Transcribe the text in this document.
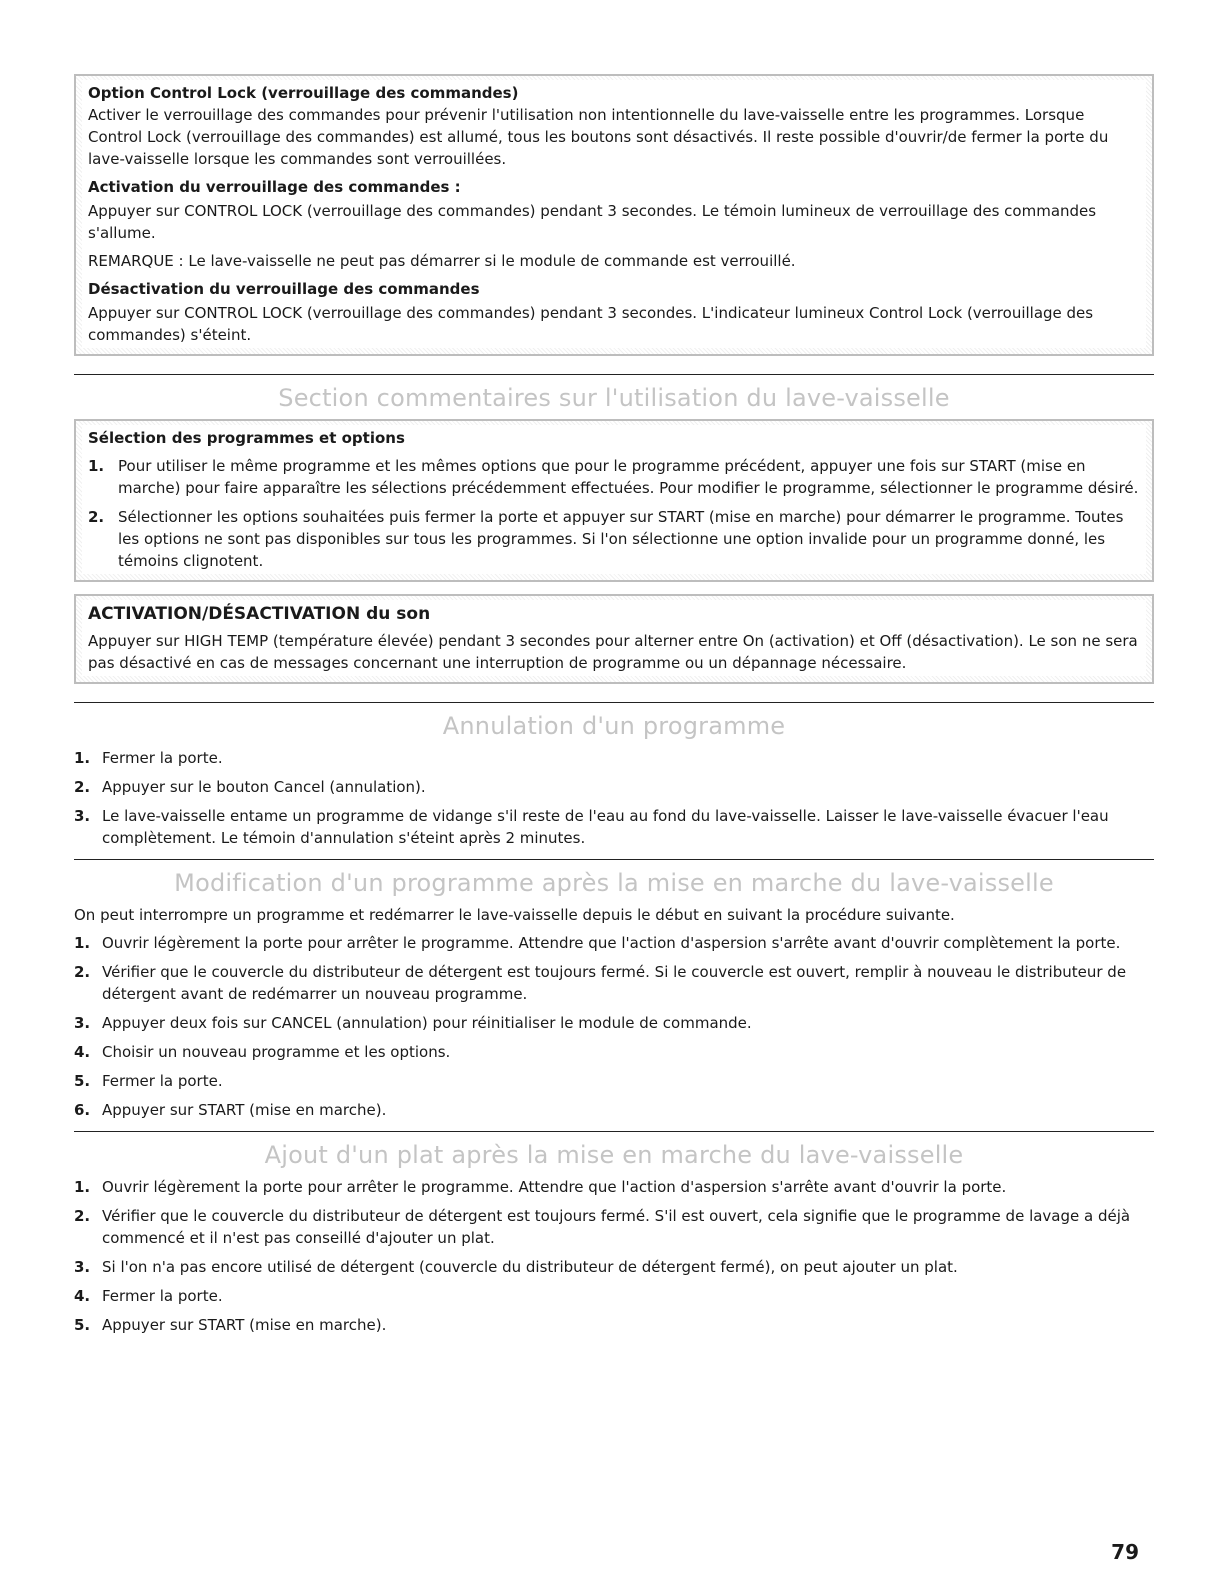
Option Control Lock (verrouillage des commandes)

Activer le verrouillage des commandes pour prévenir l'utilisation non intentionnelle du lave-vaisselle entre les programmes. Lorsque Control Lock (verrouillage des commandes) est allumé, tous les boutons sont désactivés. Il reste possible d'ouvrir/de fermer la porte du lave-vaisselle lorsque les commandes sont verrouillées.

Activation du verrouillage des commandes :

Appuyer sur CONTROL LOCK (verrouillage des commandes) pendant 3 secondes. Le témoin lumineux de verrouillage des commandes s'allume.

REMARQUE : Le lave-vaisselle ne peut pas démarrer si le module de commande est verrouillé.

Désactivation du verrouillage des commandes

Appuyer sur CONTROL LOCK (verrouillage des commandes) pendant 3 secondes. L'indicateur lumineux Control Lock (verrouillage des commandes) s'éteint.

Section commentaires sur l'utilisation du lave-vaisselle
Sélection des programmes et options
1. Pour utiliser le même programme et les mêmes options que pour le programme précédent, appuyer une fois sur START (mise en marche) pour faire apparaître les sélections précédemment effectuées. Pour modifier le programme, sélectionner le programme désiré.
2. Sélectionner les options souhaitées puis fermer la porte et appuyer sur START (mise en marche) pour démarrer le programme. Toutes les options ne sont pas disponibles sur tous les programmes. Si l'on sélectionne une option invalide pour un programme donné, les témoins clignotent.
ACTIVATION/DÉSACTIVATION du son

Appuyer sur HIGH TEMP (température élevée) pendant 3 secondes pour alterner entre On (activation) et Off (désactivation). Le son ne sera pas désactivé en cas de messages concernant une interruption de programme ou un dépannage nécessaire.

Annulation d'un programme
1. Fermer la porte.
2. Appuyer sur le bouton Cancel (annulation).
3. Le lave-vaisselle entame un programme de vidange s'il reste de l'eau au fond du lave-vaisselle. Laisser le lave-vaisselle évacuer l'eau complètement. Le témoin d'annulation s'éteint après 2 minutes.
Modification d'un programme après la mise en marche du lave-vaisselle

On peut interrompre un programme et redémarrer le lave-vaisselle depuis le début en suivant la procédure suivante.

1. Ouvrir légèrement la porte pour arrêter le programme. Attendre que l'action d'aspersion s'arrête avant d'ouvrir complètement la porte.
2. Vérifier que le couvercle du distributeur de détergent est toujours fermé. Si le couvercle est ouvert, remplir à nouveau le distributeur de détergent avant de redémarrer un nouveau programme.
3. Appuyer deux fois sur CANCEL (annulation) pour réinitialiser le module de commande.
4. Choisir un nouveau programme et les options.
5. Fermer la porte.
6. Appuyer sur START (mise en marche).
Ajout d'un plat après la mise en marche du lave-vaisselle
1. Ouvrir légèrement la porte pour arrêter le programme. Attendre que l'action d'aspersion s'arrête avant d'ouvrir la porte.
2. Vérifier que le couvercle du distributeur de détergent est toujours fermé. S'il est ouvert, cela signifie que le programme de lavage a déjà commencé et il n'est pas conseillé d'ajouter un plat.
3. Si l'on n'a pas encore utilisé de détergent (couvercle du distributeur de détergent fermé), on peut ajouter un plat.
4. Fermer la porte.
5. Appuyer sur START (mise en marche).
79
